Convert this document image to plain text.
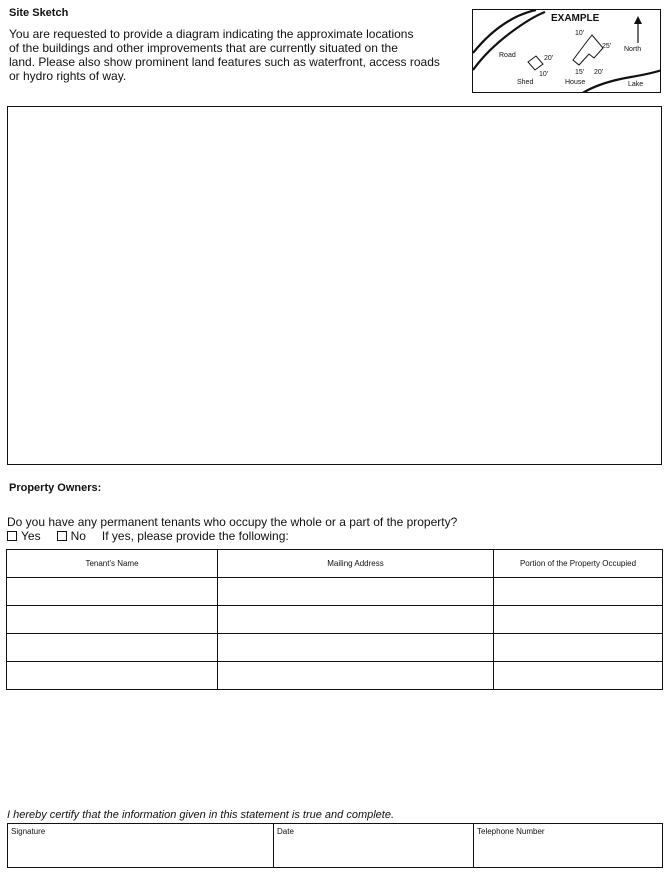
Site Sketch
You are requested to provide a diagram indicating the approximate locations
of the buildings and other improvements that are currently situated on the
land. Please also show prominent land features such as waterfront, access roads
or hydro rights of way.
EXAMPLE
Road	20'
10'
Shed
10'
25'
15' 20'
House
North
Lake
Property Owners:
Do you have any permanent tenants who occupy the whole or a part of the property?
Yes	No If yes, please provide the following:
Tenant's Name	Mailing Address	Portion of the Property Occupied

I hereby certify that the information given in this statement is true and complete.
Signature	Date	Telephone Number
